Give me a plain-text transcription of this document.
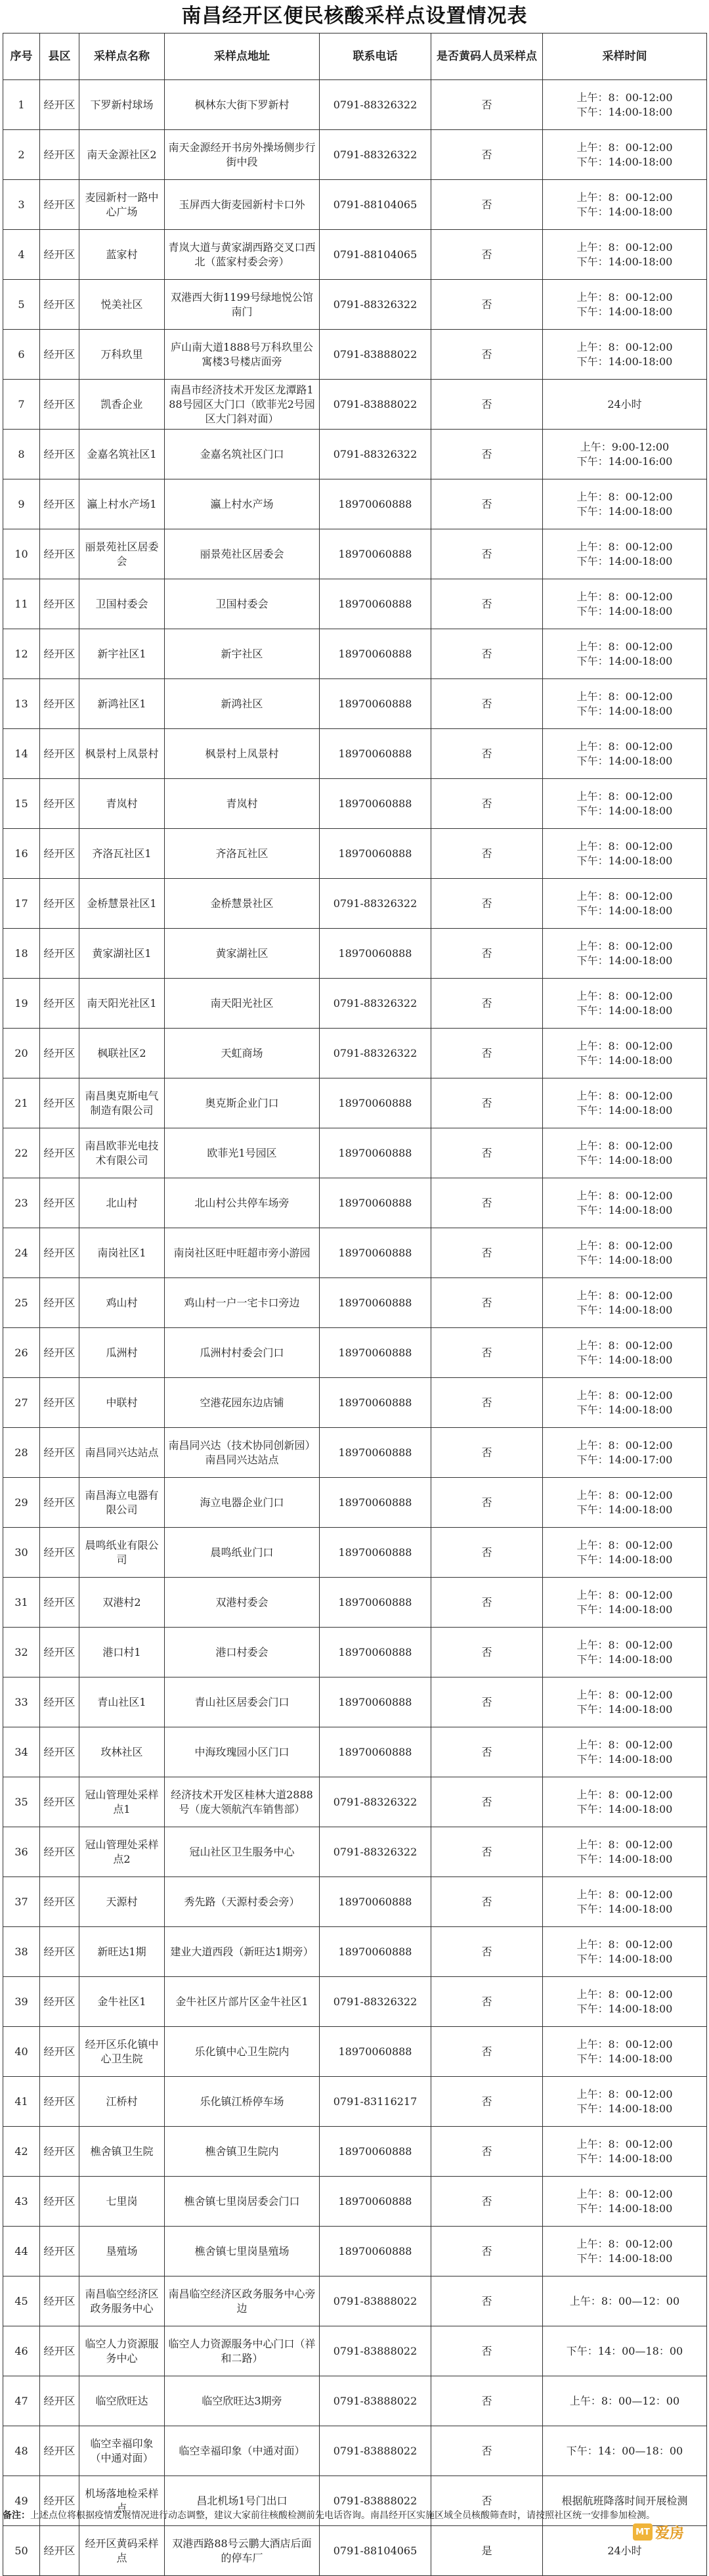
南昌经开区便民核酸采样点设置情况表
序号	县区	采样点名称	采样点地址	联系电话	是否黄码人员采样点	采样时间
1	经开区	下罗新村球场	枫林东大街下罗新村	0791-88326322	否	上午：8：00-12:00
下午：14:00-18:00

2	经开区	南天金源社区2	南天金源经开书房外操场侧步行街中段	0791-88326322	否	上午：8：00-12:00
下午：14:00-18:00

3	经开区	麦园新村一路中心广场	玉屏西大街麦园新村卡口外	0791-88104065	否	上午：8：00-12:00
下午：14:00-18:00

4	经开区	蓝家村	青岚大道与黄家湖西路交叉口西北（蓝家村委会旁）	0791-88104065	否	上午：8：00-12:00
下午：14:00-18:00

5	经开区	悦美社区	双港西大街1199号绿地悦公馆南门	0791-88326322	否	上午：8：00-12:00
下午：14:00-18:00

6	经开区	万科玖里	庐山南大道1888号万科玖里公寓楼3号楼店面旁	0791-83888022	否	上午：8：00-12:00
下午：14:00-18:00

7	经开区	凯香企业	南昌市经济技术开发区龙潭路188号园区大门口（欧菲光2号园区大门斜对面）	0791-83888022	否	24小时

8	经开区	金嘉名筑社区1	金嘉名筑社区门口	0791-88326322	否	上午：9:00-12:00
下午：14:00-16:00

9	经开区	瀛上村水产场1	瀛上村水产场	18970060888	否	上午：8：00-12:00
下午：14:00-18:00

10	经开区	丽景苑社区居委会	丽景苑社区居委会	18970060888	否	上午：8：00-12:00
下午：14:00-18:00

11	经开区	卫国村委会	卫国村委会	18970060888	否	上午：8：00-12:00
下午：14:00-18:00

12	经开区	新宇社区1	新宇社区	18970060888	否	上午：8：00-12:00
下午：14:00-18:00

13	经开区	新鸿社区1	新鸿社区	18970060888	否	上午：8：00-12:00
下午：14:00-18:00

14	经开区	枫景村上凤景村	枫景村上凤景村	18970060888	否	上午：8：00-12:00
下午：14:00-18:00

15	经开区	青岚村	青岚村	18970060888	否	上午：8：00-12:00
下午：14:00-18:00

16	经开区	齐洛瓦社区1	齐洛瓦社区	18970060888	否	上午：8：00-12:00
下午：14:00-18:00

17	经开区	金桥慧景社区1	金桥慧景社区	0791-88326322	否	上午：8：00-12:00
下午：14:00-18:00

18	经开区	黄家湖社区1	黄家湖社区	18970060888	否	上午：8：00-12:00
下午：14:00-18:00

19	经开区	南天阳光社区1	南天阳光社区	0791-88326322	否	上午：8：00-12:00
下午：14:00-18:00

20	经开区	枫联社区2	天虹商场	0791-88326322	否	上午：8：00-12:00
下午：14:00-18:00

21	经开区	南昌奥克斯电气制造有限公司	奥克斯企业门口	18970060888	否	上午：8：00-12:00
下午：14:00-18:00

22	经开区	南昌欧菲光电技术有限公司	欧菲光1号园区	18970060888	否	上午：8：00-12:00
下午：14:00-18:00

23	经开区	北山村	北山村公共停车场旁	18970060888	否	上午：8：00-12:00
下午：14:00-18:00

24	经开区	南岗社区1	南岗社区旺中旺超市旁小游园	18970060888	否	上午：8：00-12:00
下午：14:00-18:00

25	经开区	鸡山村	鸡山村一户一宅卡口旁边	18970060888	否	上午：8：00-12:00
下午：14:00-18:00

26	经开区	瓜洲村	瓜洲村村委会门口	18970060888	否	上午：8：00-12:00
下午：14:00-18:00

27	经开区	中联村	空港花园东边店铺	18970060888	否	上午：8：00-12:00
下午：14:00-18:00

28	经开区	南昌同兴达站点	南昌同兴达（技术协同创新园）南昌同兴达站点	18970060888	否	上午：8：00-12:00
下午：14:00-17:00

29	经开区	南昌海立电器有限公司	海立电器企业门口	18970060888	否	上午：8：00-12:00
下午：14:00-18:00

30	经开区	晨鸣纸业有限公司	晨鸣纸业门口	18970060888	否	上午：8：00-12:00
下午：14:00-18:00

31	经开区	双港村2	双港村委会	18970060888	否	上午：8：00-12:00
下午：14:00-18:00

32	经开区	港口村1	港口村委会	18970060888	否	上午：8：00-12:00
下午：14:00-18:00

33	经开区	青山社区1	青山社区居委会门口	18970060888	否	上午：8：00-12:00
下午：14:00-18:00

34	经开区	玫林社区	中海玫瑰园小区门口	18970060888	否	上午：8：00-12:00
下午：14:00-18:00

35	经开区	冠山管理处采样点1	经济技术开发区桂林大道2888号（庞大领航汽车销售部）	0791-88326322	否	上午：8：00-12:00
下午：14:00-18:00

36	经开区	冠山管理处采样点2	冠山社区卫生服务中心	0791-88326322	否	上午：8：00-12:00
下午：14:00-18:00

37	经开区	天源村	秀先路（天源村委会旁）	18970060888	否	上午：8：00-12:00
下午：14:00-18:00

38	经开区	新旺达1期	建业大道西段（新旺达1期旁）	18970060888	否	上午：8：00-12:00
下午：14:00-18:00

39	经开区	金牛社区1	金牛社区片部片区金牛社区1	0791-88326322	否	上午：8：00-12:00
下午：14:00-18:00

40	经开区	经开区乐化镇中心卫生院	乐化镇中心卫生院内	18970060888	否	上午：8：00-12:00
下午：14:00-18:00

41	经开区	江桥村	乐化镇江桥停车场	0791-83116217	否	上午：8：00-12:00
下午：14:00-18:00

42	经开区	樵舍镇卫生院	樵舍镇卫生院内	18970060888	否	上午：8：00-12:00
下午：14:00-18:00

43	经开区	七里岗	樵舍镇七里岗居委会门口	18970060888	否	上午：8：00-12:00
下午：14:00-18:00

44	经开区	垦殖场	樵舍镇七里岗垦殖场	18970060888	否	上午：8：00-12:00
下午：14:00-18:00

45	经开区	南昌临空经济区政务服务中心	南昌临空经济区政务服务中心旁边	0791-83888022	否	上午：8：00—12：00

46	经开区	临空人力资源服务中心	临空人力资源服务中心门口（祥和二路）	0791-83888022	否	下午：14：00—18：00

47	经开区	临空欣旺达	临空欣旺达3期旁	0791-83888022	否	上午：8：00—12：00

48	经开区	临空幸福印象（中通对面）	临空幸福印象（中通对面）	0791-83888022	否	下午：14：00—18：00

49	经开区	机场落地检采样点	昌北机场1号门出口	0791-83888022	否	根据航班降落时间开展检测

50	经开区	经开区黄码采样点	双港西路88号云鹏大酒店后面的停车厂	0791-88104065	是	24小时
备注：上述点位将根据疫情发展情况进行动态调整，建议大家前往核酸检测前先电话咨询。南昌经开区实施区域全员核酸筛查时，请按照社区统一安排参加检测。
MT 爱房
